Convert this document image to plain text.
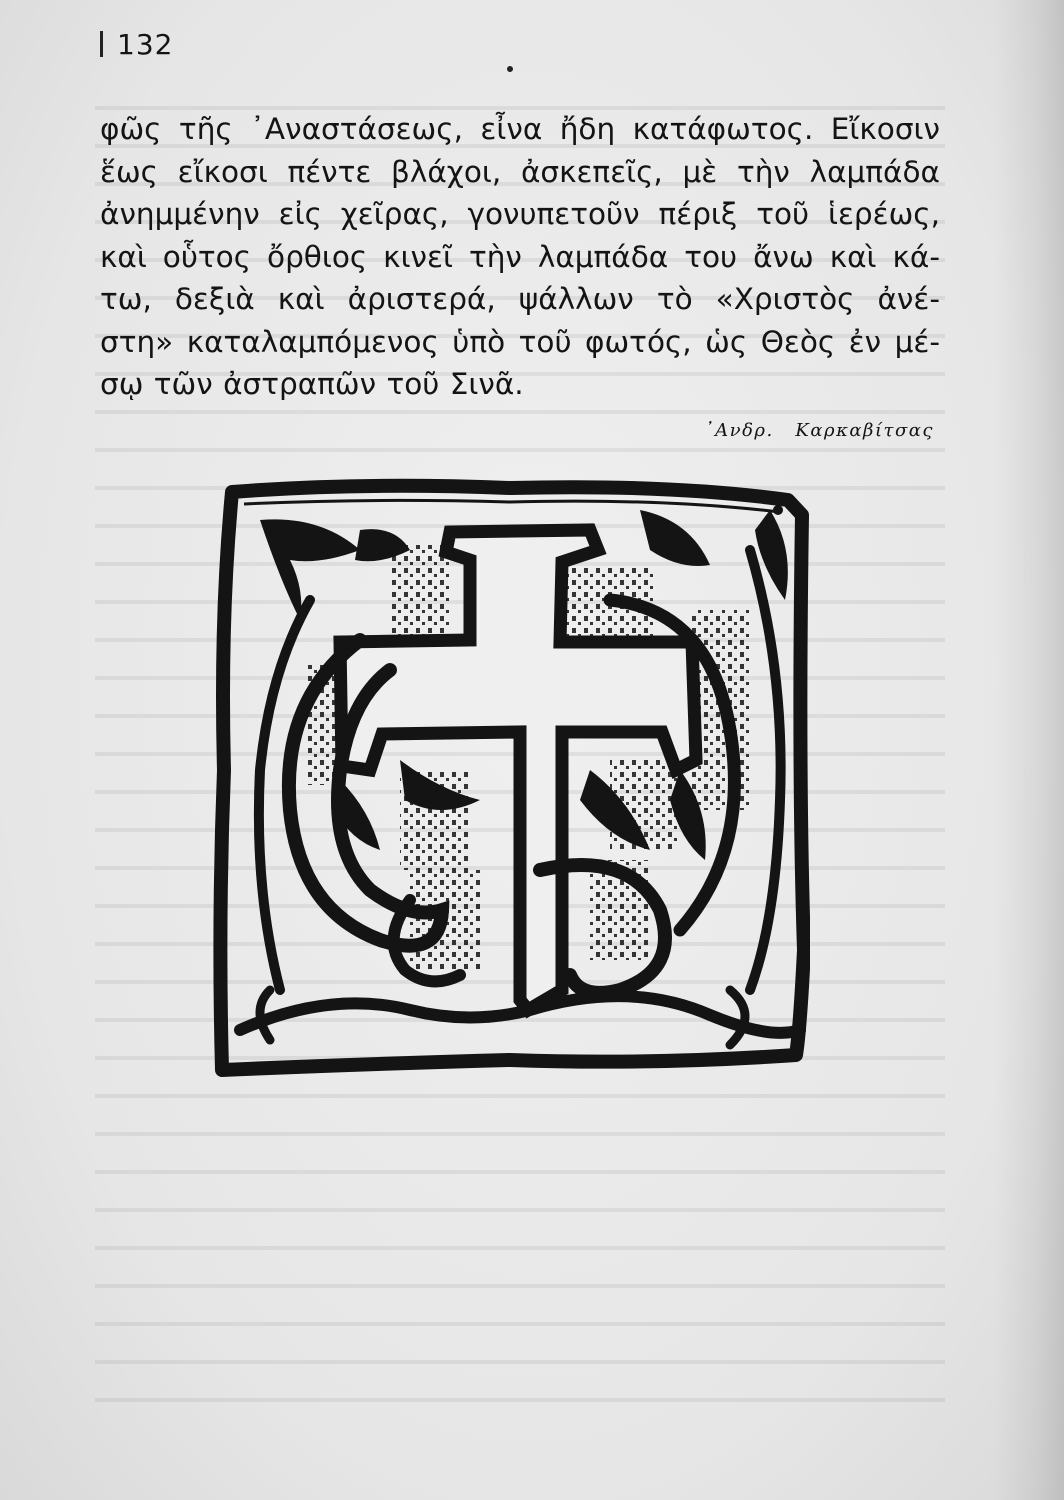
132
φῶς τῆς ᾿Αναστάσεως, εἶνα ἤδη κατάφωτος. Εἴκοσιν
ἕως εἴκοσι πέντε βλάχοι, ἀσκεπεῖς, μὲ τὴν λαμπάδα
ἀνημμένην εἰς χεῖρας, γονυπετοῦν πέριξ τοῦ ἱερέως,
καὶ οὗτος ὄρθιος κινεῖ τὴν λαμπάδα του ἄνω καὶ κά-
τω, δεξιὰ καὶ ἀριστερά, ψάλλων τὸ «Χριστὸς ἀνέ-
στη» καταλαμπόμενος ὑπὸ τοῦ φωτός, ὡς Θεὸς ἐν μέ-
σῳ τῶν ἀστραπῶν τοῦ Σινᾶ.
᾿Ανδρ.   Καρκαβίτσας
